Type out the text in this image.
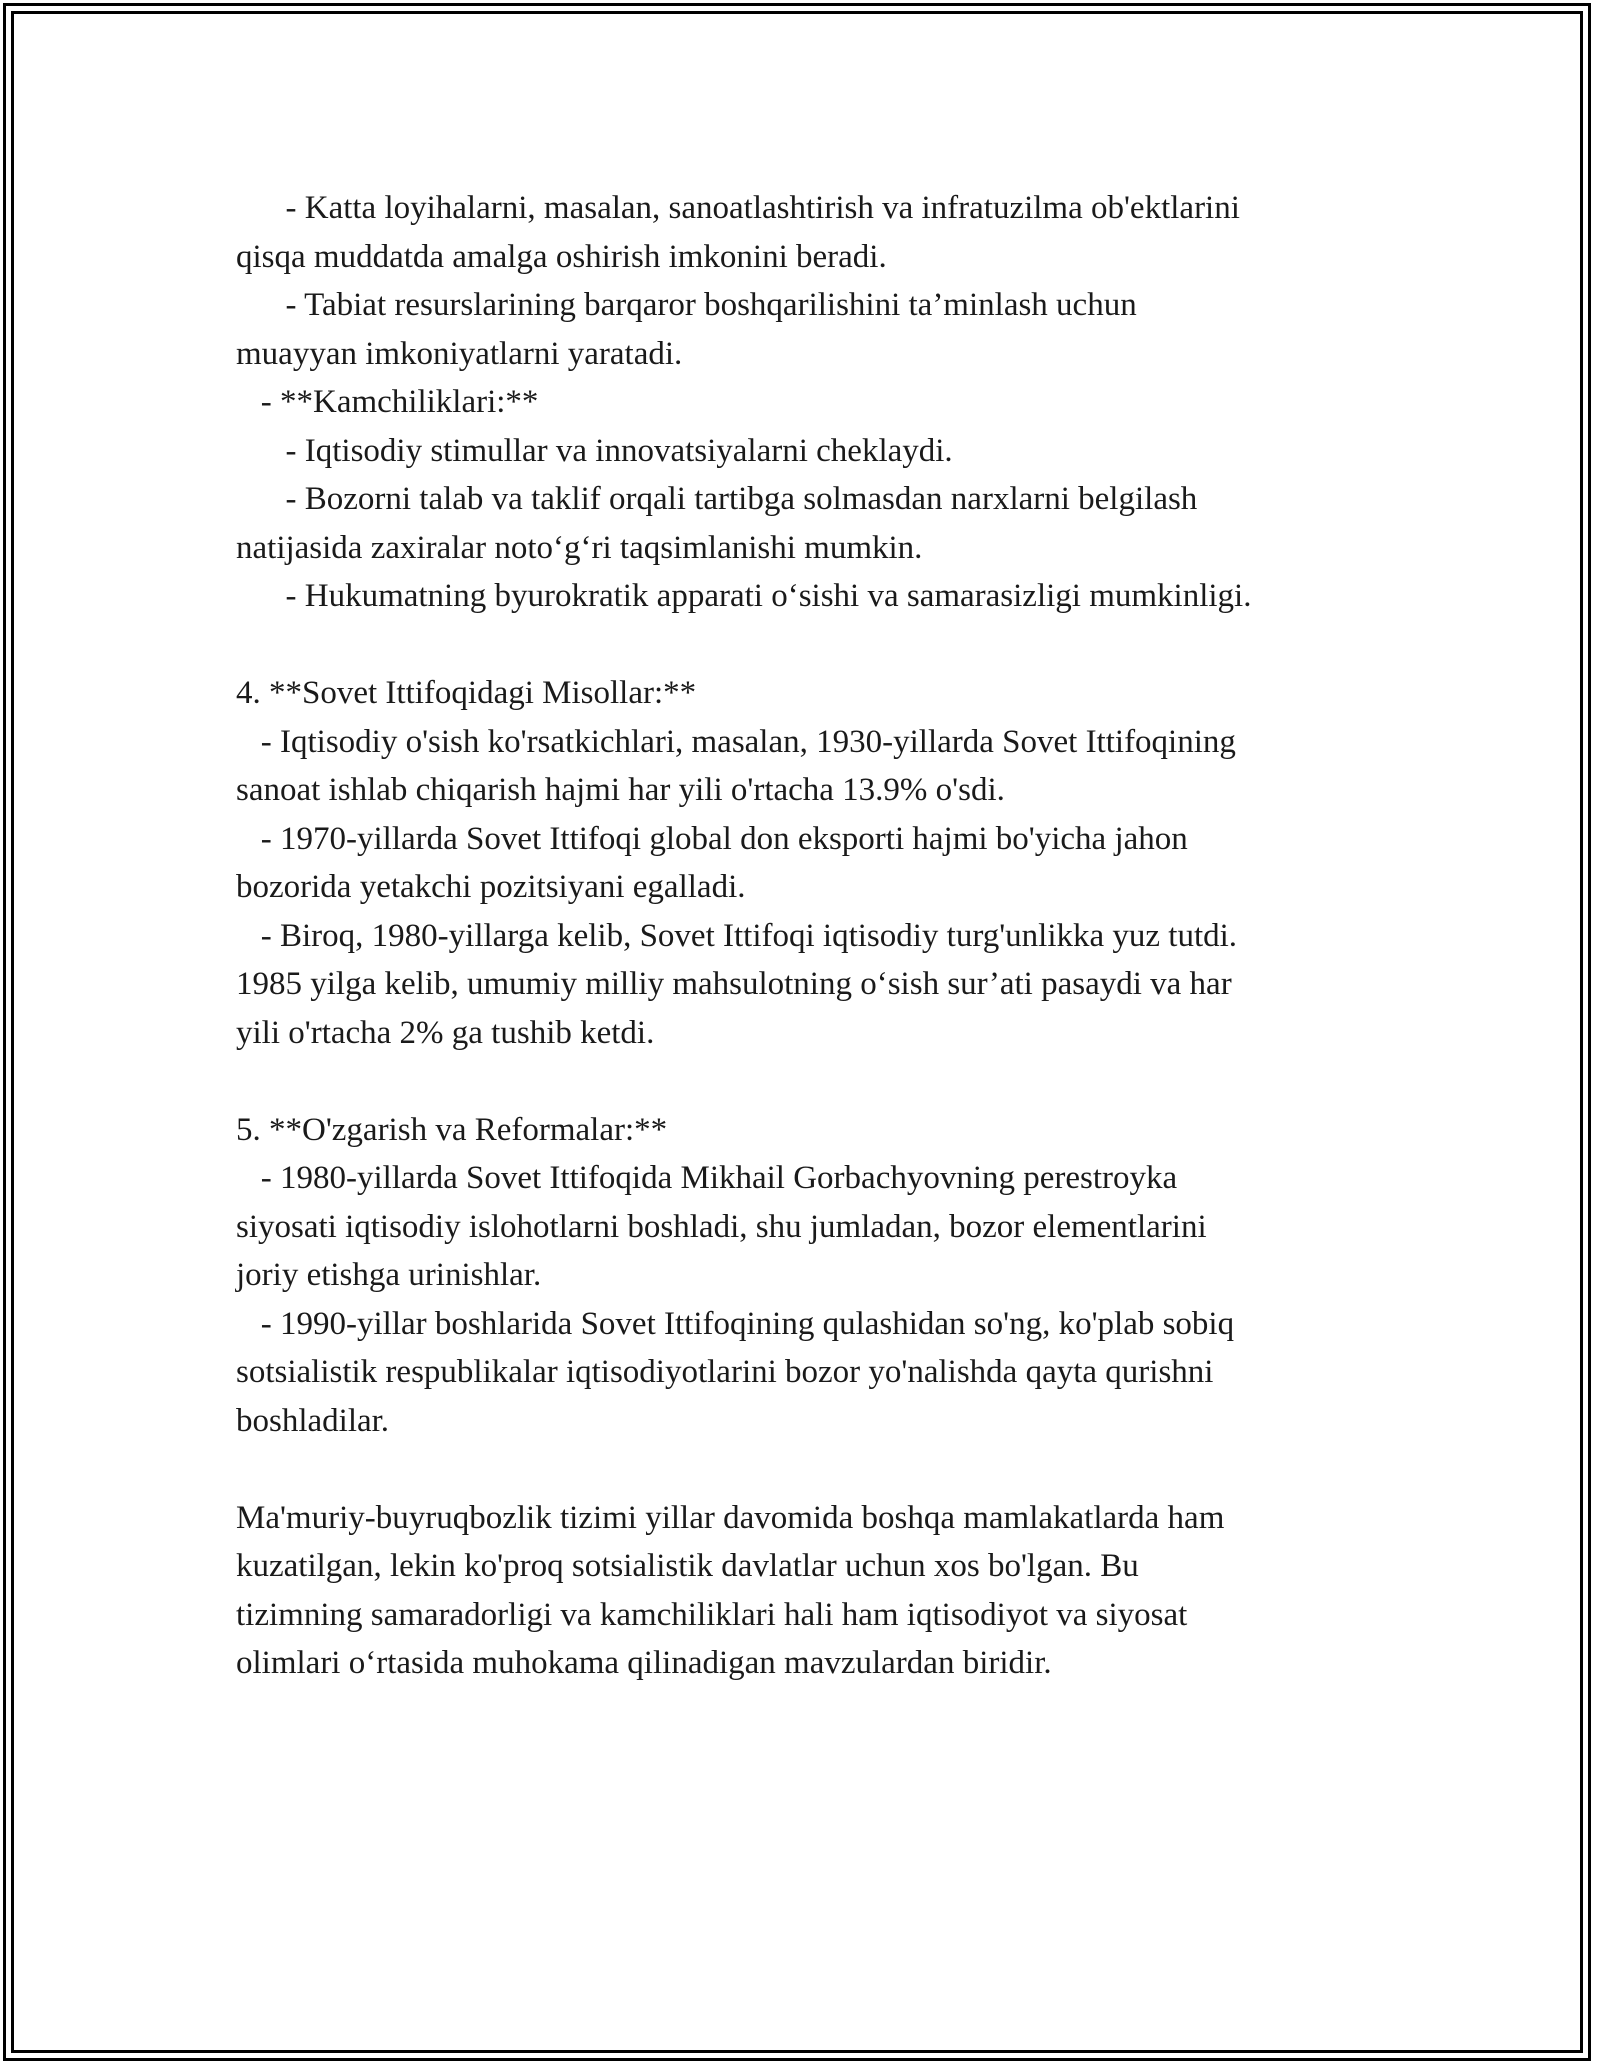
- Katta loyihalarni, masalan, sanoatlashtirish va infratuzilma ob'ektlarini
qisqa muddatda amalga oshirish imkonini beradi.
- Tabiat resurslarining barqaror boshqarilishini ta’minlash uchun
muayyan imkoniyatlarni yaratadi.
- **Kamchiliklari:**
- Iqtisodiy stimullar va innovatsiyalarni cheklaydi.
- Bozorni talab va taklif orqali tartibga solmasdan narxlarni belgilash
natijasida zaxiralar noto‘g‘ri taqsimlanishi mumkin.
- Hukumatning byurokratik apparati o‘sishi va samarasizligi mumkinligi.
4. **Sovet Ittifoqidagi Misollar:**
- Iqtisodiy o'sish ko'rsatkichlari, masalan, 1930-yillarda Sovet Ittifoqining
sanoat ishlab chiqarish hajmi har yili o'rtacha 13.9% o'sdi.
- 1970-yillarda Sovet Ittifoqi global don eksporti hajmi bo'yicha jahon
bozorida yetakchi pozitsiyani egalladi.
- Biroq, 1980-yillarga kelib, Sovet Ittifoqi iqtisodiy turg'unlikka yuz tutdi.
1985 yilga kelib, umumiy milliy mahsulotning o‘sish sur’ati pasaydi va har
yili o'rtacha 2% ga tushib ketdi.
5. **O'zgarish va Reformalar:**
- 1980-yillarda Sovet Ittifoqida Mikhail Gorbachyovning perestroyka
siyosati iqtisodiy islohotlarni boshladi, shu jumladan, bozor elementlarini
joriy etishga urinishlar.
- 1990-yillar boshlarida Sovet Ittifoqining qulashidan so'ng, ko'plab sobiq
sotsialistik respublikalar iqtisodiyotlarini bozor yo'nalishda qayta qurishni
boshladilar.
Ma'muriy-buyruqbozlik tizimi yillar davomida boshqa mamlakatlarda ham
kuzatilgan, lekin ko'proq sotsialistik davlatlar uchun xos bo'lgan. Bu
tizimning samaradorligi va kamchiliklari hali ham iqtisodiyot va siyosat
olimlari o‘rtasida muhokama qilinadigan mavzulardan biridir.
